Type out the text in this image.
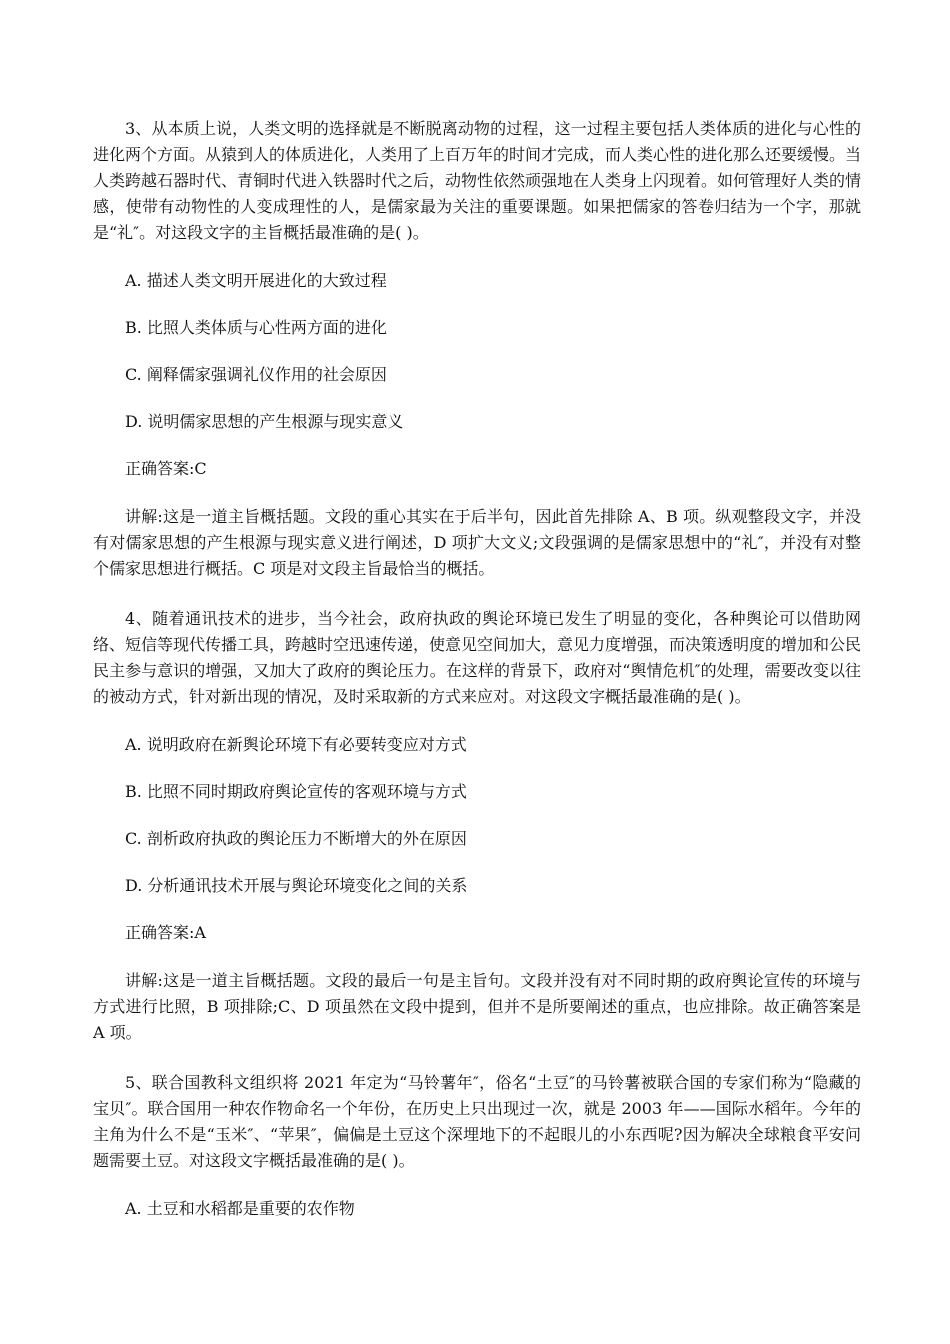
3、从本质上说，人类文明的选择就是不断脱离动物的过程，这一过程主要包括人类体质的进化与心性的进化两个方面。从猿到人的体质进化，人类用了上百万年的时间才完成，而人类心性的进化那么还要缓慢。当人类跨越石器时代、青铜时代进入铁器时代之后，动物性依然顽强地在人类身上闪现着。如何管理好人类的情感，使带有动物性的人变成理性的人，是儒家最为关注的重要课题。如果把儒家的答卷归结为一个字，那就是“礼″。对这段文字的主旨概括最准确的是( )。

A. 描述人类文明开展进化的大致过程

B. 比照人类体质与心性两方面的进化

C. 阐释儒家强调礼仪作用的社会原因

D. 说明儒家思想的产生根源与现实意义

正确答案:C

讲解:这是一道主旨概括题。文段的重心其实在于后半句，因此首先排除 A、B 项。纵观整段文字，并没有对儒家思想的产生根源与现实意义进行阐述，D 项扩大文义;文段强调的是儒家思想中的“礼″，并没有对整个儒家思想进行概括。C 项是对文段主旨最恰当的概括。

4、随着通讯技术的进步，当今社会，政府执政的舆论环境已发生了明显的变化，各种舆论可以借助网络、短信等现代传播工具，跨越时空迅速传递，使意见空间加大，意见力度增强，而决策透明度的增加和公民民主参与意识的增强，又加大了政府的舆论压力。在这样的背景下，政府对“舆情危机″的处理，需要改变以往的被动方式，针对新出现的情况，及时采取新的方式来应对。对这段文字概括最准确的是( )。

A. 说明政府在新舆论环境下有必要转变应对方式

B. 比照不同时期政府舆论宣传的客观环境与方式

C. 剖析政府执政的舆论压力不断增大的外在原因

D. 分析通讯技术开展与舆论环境变化之间的关系

正确答案:A

讲解:这是一道主旨概括题。文段的最后一句是主旨句。文段并没有对不同时期的政府舆论宣传的环境与方式进行比照，B 项排除;C、D 项虽然在文段中提到，但并不是所要阐述的重点，也应排除。故正确答案是 A 项。

5、联合国教科文组织将 2021 年定为“马铃薯年″，俗名“土豆″的马铃薯被联合国的专家们称为“隐藏的宝贝″。联合国用一种农作物命名一个年份，在历史上只出现过一次，就是 2003 年——国际水稻年。今年的主角为什么不是“玉米″、“苹果″，偏偏是土豆这个深埋地下的不起眼儿的小东西呢?因为解决全球粮食平安问题需要土豆。对这段文字概括最准确的是( )。

A. 土豆和水稻都是重要的农作物
